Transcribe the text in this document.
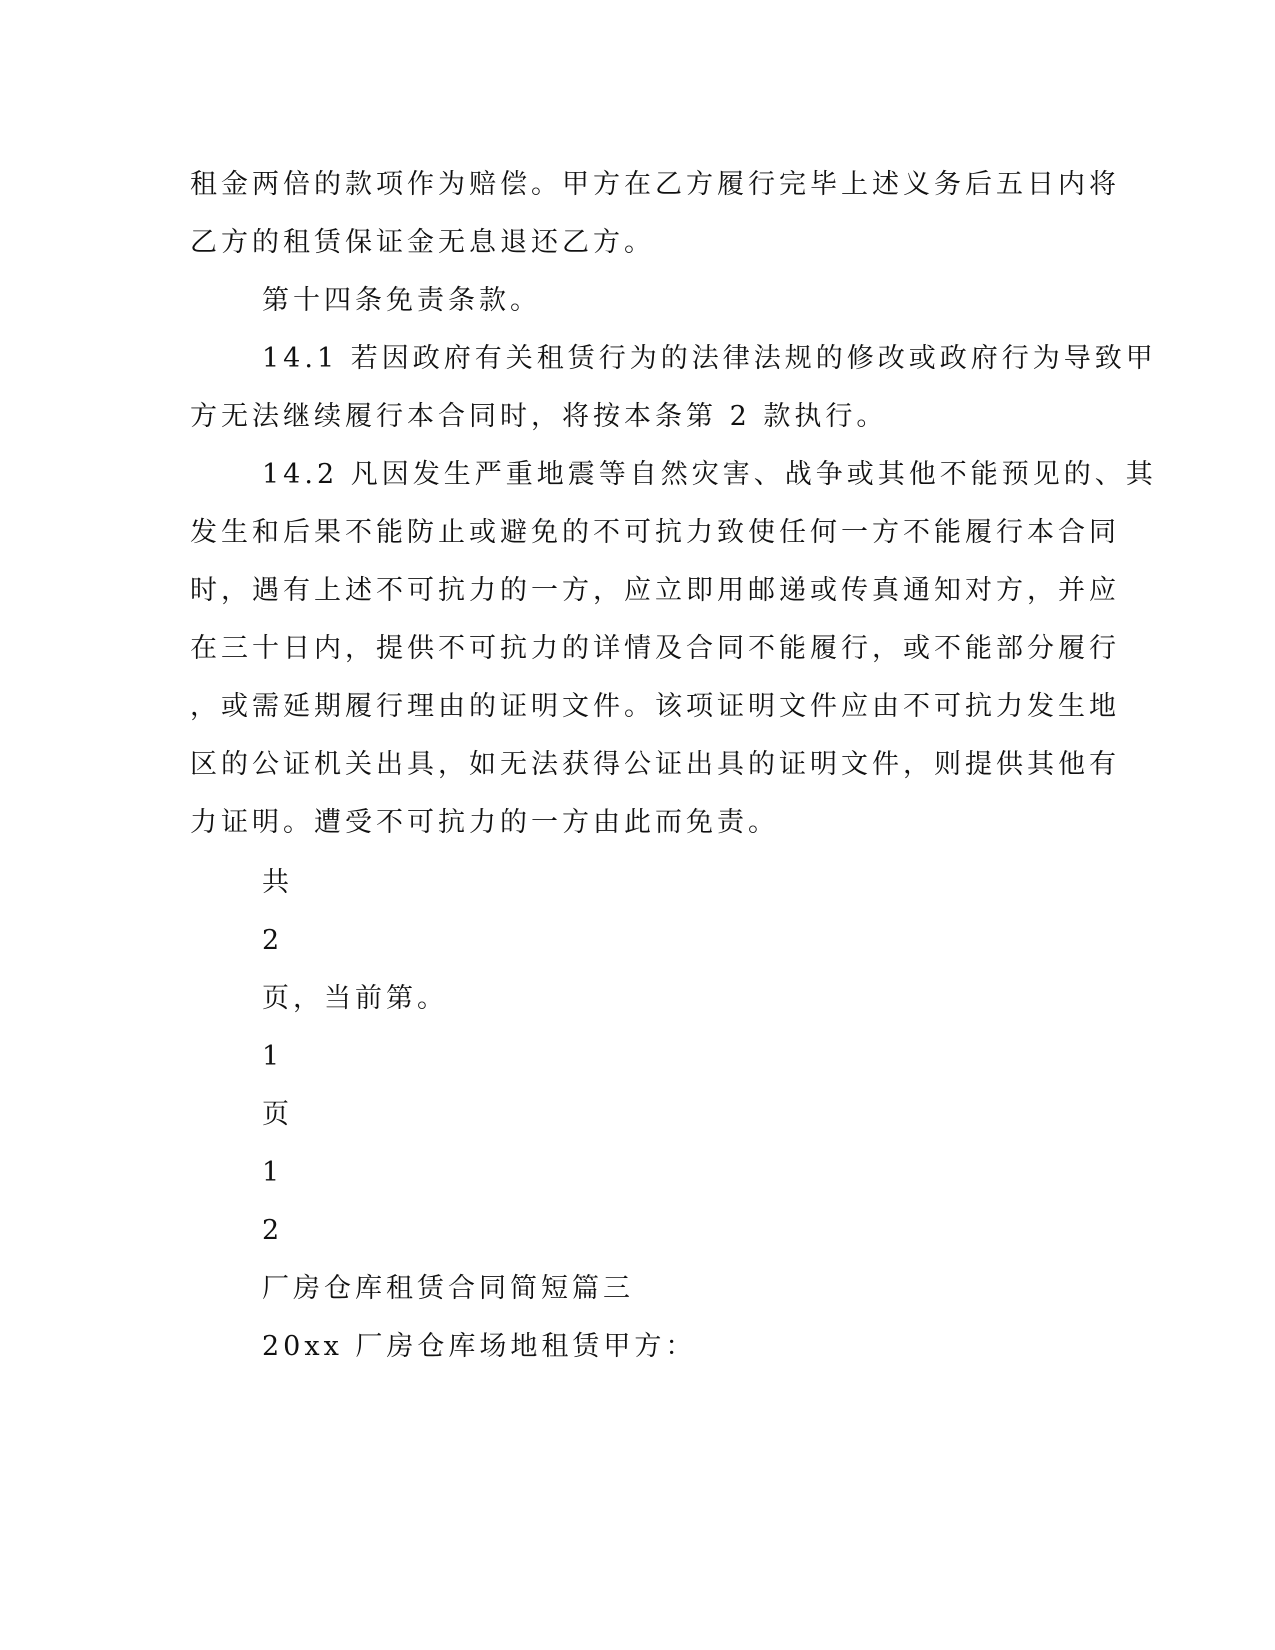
租金两倍的款项作为赔偿。甲方在乙方履行完毕上述义务后五日内将
乙方的租赁保证金无息退还乙方。
第十四条免责条款。
14.1 若因政府有关租赁行为的法律法规的修改或政府行为导致甲
方无法继续履行本合同时，将按本条第 2 款执行。
14.2 凡因发生严重地震等自然灾害、战争或其他不能预见的、其
发生和后果不能防止或避免的不可抗力致使任何一方不能履行本合同
时，遇有上述不可抗力的一方，应立即用邮递或传真通知对方，并应
在三十日内，提供不可抗力的详情及合同不能履行，或不能部分履行
，或需延期履行理由的证明文件。该项证明文件应由不可抗力发生地
区的公证机关出具，如无法获得公证出具的证明文件，则提供其他有
力证明。遭受不可抗力的一方由此而免责。
共
2
页，当前第。
1
页
1
2
厂房仓库租赁合同简短篇三
20xx 厂房仓库场地租赁甲方：
